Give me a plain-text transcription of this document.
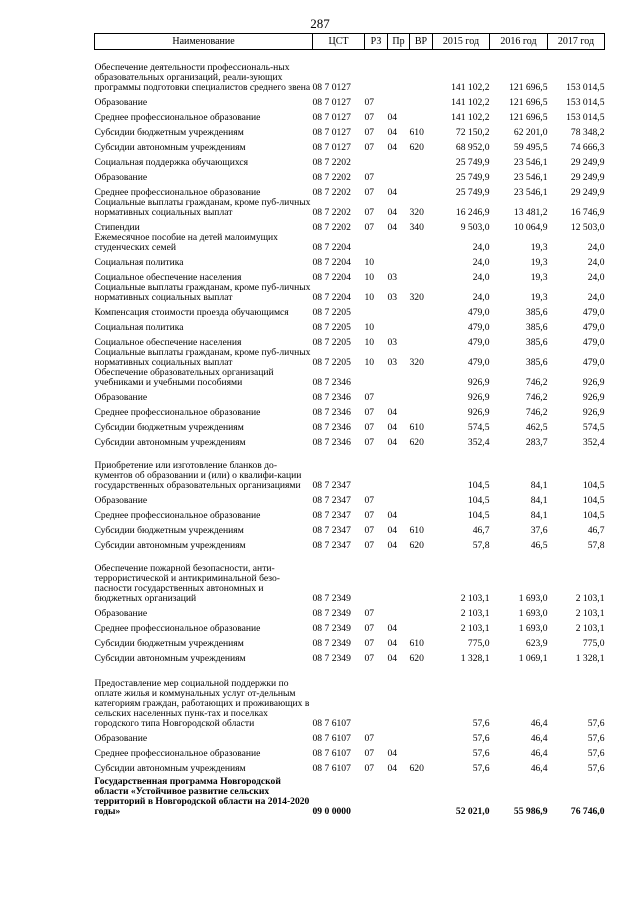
287
Наименование	ЦСТ	РЗ	Пр	ВР	2015 год	2016 год	2017 год
Обеспечение деятельности профессиональ-ных образовательных организаций, реали-зующих программы подготовки специалистов среднего звена	08 7 0127				141 102,2	121 696,5	153 014,5
Образование	08 7 0127	07			141 102,2	121 696,5	153 014,5
Среднее профессиональное образование	08 7 0127	07	04		141 102,2	121 696,5	153 014,5
Субсидии бюджетным учреждениям	08 7 0127	07	04	610	72 150,2	62 201,0	78 348,2
Субсидии автономным учреждениям	08 7 0127	07	04	620	68 952,0	59 495,5	74 666,3
Социальная поддержка обучающихся	08 7 2202				25 749,9	23 546,1	29 249,9
Образование	08 7 2202	07			25 749,9	23 546,1	29 249,9
Среднее профессиональное образование	08 7 2202	07	04		25 749,9	23 546,1	29 249,9
Социальные выплаты гражданам, кроме пуб-личных нормативных социальных выплат	08 7 2202	07	04	320	16 246,9	13 481,2	16 746,9
Стипендии	08 7 2202	07	04	340	9 503,0	10 064,9	12 503,0
Ежемесячное пособие на детей малоимущих студенческих семей	08 7 2204				24,0	19,3	24,0
Социальная политика	08 7 2204	10			24,0	19,3	24,0
Социальное обеспечение населения	08 7 2204	10	03		24,0	19,3	24,0
Социальные выплаты гражданам, кроме пуб-личных нормативных социальных выплат	08 7 2204	10	03	320	24,0	19,3	24,0
Компенсация стоимости проезда обучающимся	08 7 2205				479,0	385,6	479,0
Социальная политика	08 7 2205	10			479,0	385,6	479,0
Социальное обеспечение населения	08 7 2205	10	03		479,0	385,6	479,0
Социальные выплаты гражданам, кроме пуб-личных нормативных социальных выплат	08 7 2205	10	03	320	479,0	385,6	479,0
Обеспечение образовательных организаций учебниками и учебными пособиями	08 7 2346				926,9	746,2	926,9
Образование	08 7 2346	07			926,9	746,2	926,9
Среднее профессиональное образование	08 7 2346	07	04		926,9	746,2	926,9
Субсидии бюджетным учреждениям	08 7 2346	07	04	610	574,5	462,5	574,5
Субсидии автономным учреждениям	08 7 2346	07	04	620	352,4	283,7	352,4
Приобретение или изготовление бланков до-кументов об образовании и (или) о квалифи-кации государственных образовательных организациями	08 7 2347				104,5	84,1	104,5
Образование	08 7 2347	07			104,5	84,1	104,5
Среднее профессиональное образование	08 7 2347	07	04		104,5	84,1	104,5
Субсидии бюджетным учреждениям	08 7 2347	07	04	610	46,7	37,6	46,7
Субсидии автономным учреждениям	08 7 2347	07	04	620	57,8	46,5	57,8
Обеспечение пожарной безопасности, анти-террористической и антикриминальной безо-пасности государственных автономных и бюджетных организаций	08 7 2349				2 103,1	1 693,0	2 103,1
Образование	08 7 2349	07			2 103,1	1 693,0	2 103,1
Среднее профессиональное образование	08 7 2349	07	04		2 103,1	1 693,0	2 103,1
Субсидии бюджетным учреждениям	08 7 2349	07	04	610	775,0	623,9	775,0
Субсидии автономным учреждениям	08 7 2349	07	04	620	1 328,1	1 069,1	1 328,1
Предоставление мер социальной поддержки по оплате жилья и коммунальных услуг от-дельным категориям граждан, работающих и проживающих в сельских населенных пунк-тах и поселках городского типа Новгородской области	08 7 6107				57,6	46,4	57,6
Образование	08 7 6107	07			57,6	46,4	57,6
Среднее профессиональное образование	08 7 6107	07	04		57,6	46,4	57,6
Субсидии автономным учреждениям	08 7 6107	07	04	620	57,6	46,4	57,6
Государственная программа Новгородской области «Устойчивое развитие сельских территорий в Новгородской области на 2014-2020 годы»	09 0 0000				52 021,0	55 986,9	76 746,0
